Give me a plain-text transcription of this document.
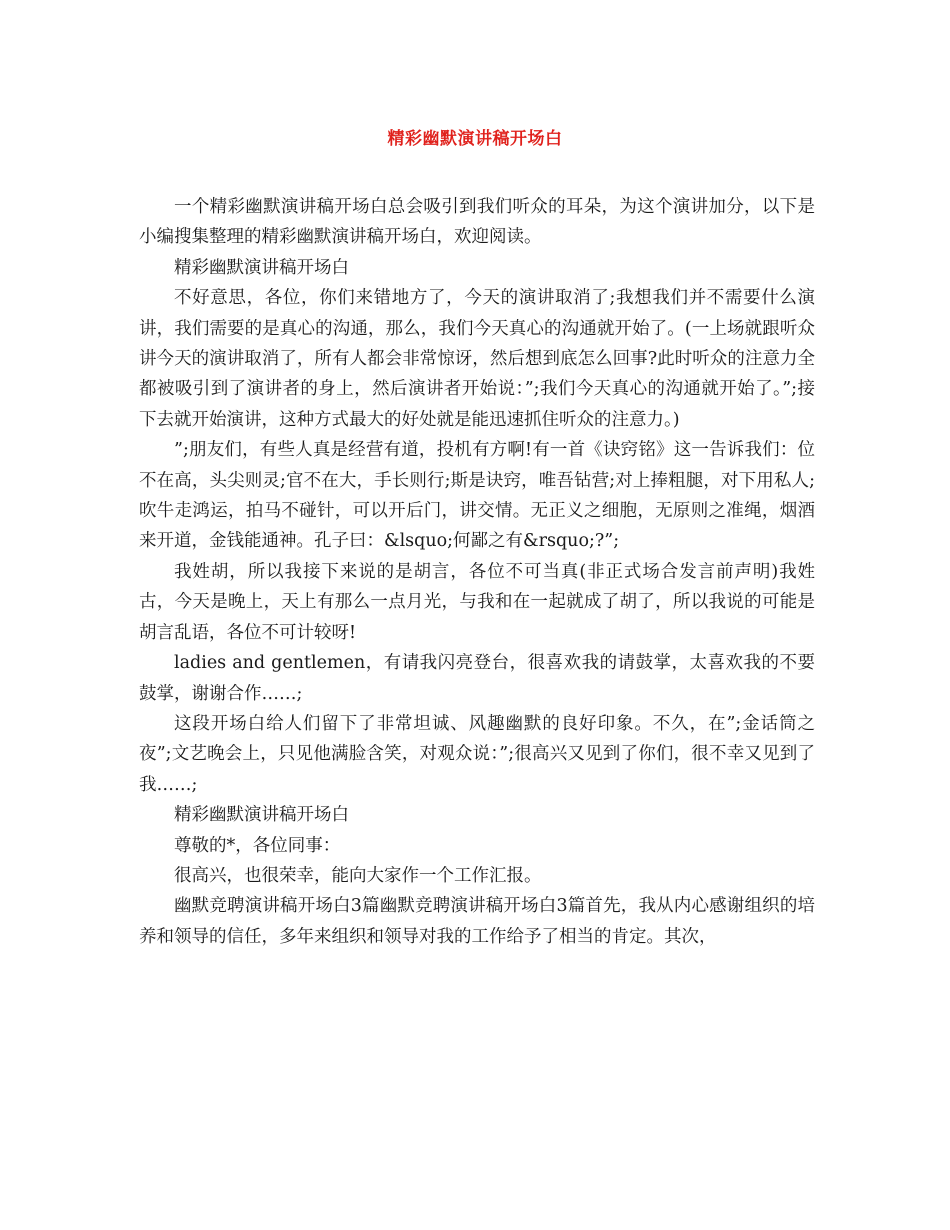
精彩幽默演讲稿开场白

一个精彩幽默演讲稿开场白总会吸引到我们听众的耳朵，为这个演讲加分，以下是小编搜集整理的精彩幽默演讲稿开场白，欢迎阅读。

精彩幽默演讲稿开场白

不好意思，各位，你们来错地方了，今天的演讲取消了;我想我们并不需要什么演讲，我们需要的是真心的沟通，那么，我们今天真心的沟通就开始了。(一上场就跟听众讲今天的演讲取消了，所有人都会非常惊讶，然后想到底怎么回事?此时听众的注意力全都被吸引到了演讲者的身上，然后演讲者开始说：”;我们今天真心的沟通就开始了。”;接下去就开始演讲，这种方式最大的好处就是能迅速抓住听众的注意力。)

”;朋友们，有些人真是经营有道，投机有方啊!有一首《诀窍铭》这一告诉我们：位不在高，头尖则灵;官不在大，手长则行;斯是诀窍，唯吾钻营;对上捧粗腿，对下用私人;吹牛走鸿运，拍马不碰针，可以开后门，讲交情。无正义之细胞，无原则之准绳，烟酒来开道，金钱能通神。孔子曰：&lsquo;何鄙之有&rsquo;?”;

我姓胡，所以我接下来说的是胡言，各位不可当真(非正式场合发言前声明)我姓古，今天是晚上，天上有那么一点月光，与我和在一起就成了胡了，所以我说的可能是胡言乱语，各位不可计较呀!

ladies and gentlemen，有请我闪亮登台，很喜欢我的请鼓掌，太喜欢我的不要鼓掌，谢谢合作……;

这段开场白给人们留下了非常坦诚、风趣幽默的良好印象。不久，在”;金话筒之夜”;文艺晚会上，只见他满脸含笑，对观众说：”;很高兴又见到了你们，很不幸又见到了我……;

精彩幽默演讲稿开场白

尊敬的*，各位同事：

很高兴，也很荣幸，能向大家作一个工作汇报。

幽默竞聘演讲稿开场白3篇幽默竞聘演讲稿开场白3篇首先，我从内心感谢组织的培养和领导的信任，多年来组织和领导对我的工作给予了相当的肯定。其次，
